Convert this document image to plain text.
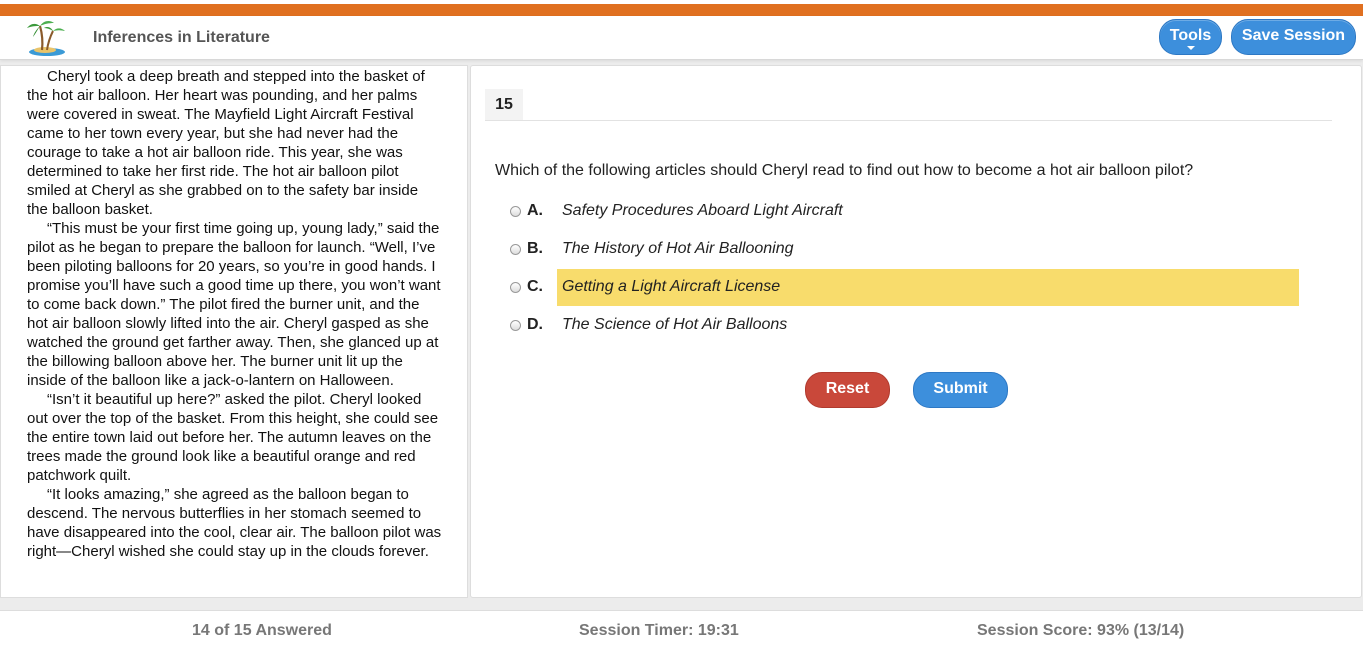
Inferences in Literature	Tools	Save Session

Cheryl took a deep breath and stepped into the basket of the hot air balloon. Her heart was pounding, and her palms were covered in sweat. The Mayfield Light Aircraft Festival came to her town every year, but she had never had the courage to take a hot air balloon ride. This year, she was determined to take her first ride. The hot air balloon pilot smiled at Cheryl as she grabbed on to the safety bar inside the balloon basket.

“This must be your first time going up, young lady,” said the pilot as he began to prepare the balloon for launch. “Well, I’ve been piloting balloons for 20 years, so you’re in good hands. I promise you’ll have such a good time up there, you won’t want to come back down.” The pilot fired the burner unit, and the hot air balloon slowly lifted into the air. Cheryl gasped as she watched the ground get farther away. Then, she glanced up at the billowing balloon above her. The burner unit lit up the inside of the balloon like a jack-o-lantern on Halloween.

“Isn’t it beautiful up here?” asked the pilot. Cheryl looked out over the top of the basket. From this height, she could see the entire town laid out before her. The autumn leaves on the trees made the ground look like a beautiful orange and red patchwork quilt.

“It looks amazing,” she agreed as the balloon began to descend. The nervous butterflies in her stomach seemed to have disappeared into the cool, clear air. The balloon pilot was right—Cheryl wished she could stay up in the clouds forever.

15
Which of the following articles should Cheryl read to find out how to become a hot air balloon pilot?
A. Safety Procedures Aboard Light Aircraft
B. The History of Hot Air Ballooning
C. Getting a Light Aircraft License
D. The Science of Hot Air Balloons
Reset	Submit
14 of 15 Answered	Session Timer: 19:31	Session Score: 93% (13/14)
